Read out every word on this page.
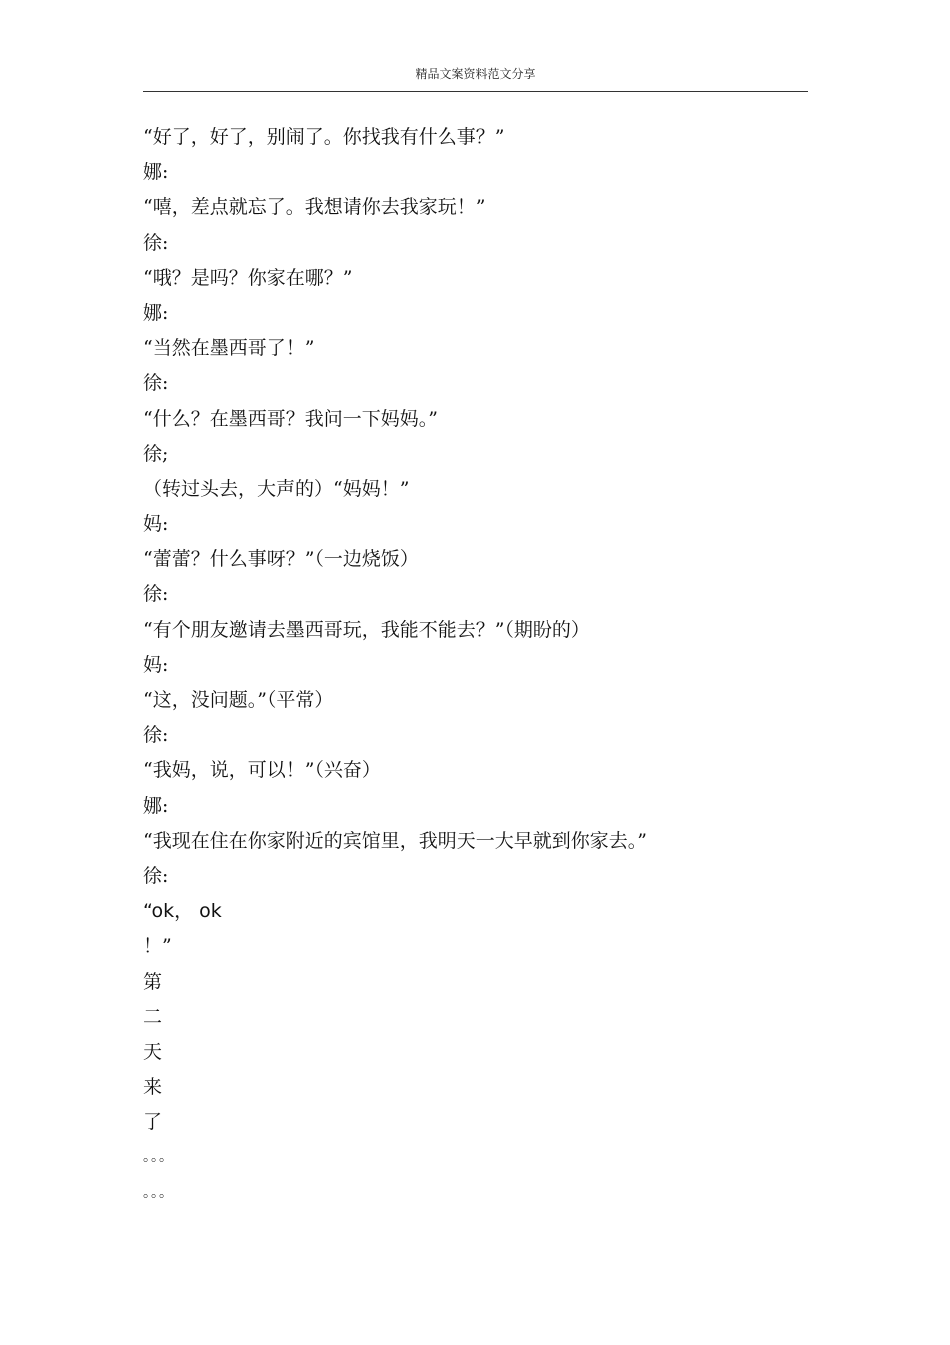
精品文案资料范文分享
“好了，好了，别闹了。你找我有什么事？”
娜:
“嘻，差点就忘了。我想请你去我家玩！”
徐:
“哦？是吗？你家在哪？”
娜:
“当然在墨西哥了！”
徐:
“什么？在墨西哥？我问一下妈妈。”
徐;
（转过头去，大声的）“妈妈！”
妈:
“蕾蕾？什么事呀？”（一边烧饭）
徐:
“有个朋友邀请去墨西哥玩，我能不能去？”（期盼的）
妈:
“这，没问题。”（平常）
徐:
“我妈，说，可以！”（兴奋）
娜:
“我现在住在你家附近的宾馆里，我明天一大早就到你家去。”
徐:
“ok， ok
！”
第
二
天
来
了
。。。
。。。
